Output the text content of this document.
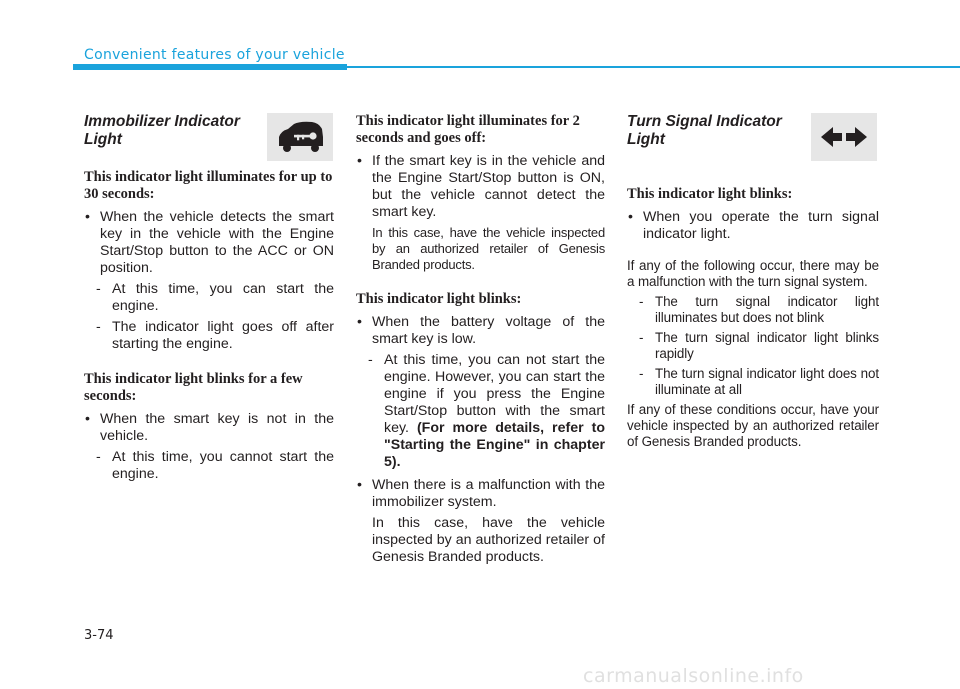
Convenient features of your vehicle
Immobilizer Indicator Light
This indicator light illuminates for up to 30 seconds:
• When the vehicle detects the smart key in the vehicle with the Engine Start/Stop button to the ACC or ON position.
- At this time, you can start the engine.
- The indicator light goes off after starting the engine.
This indicator light blinks for a few seconds:
• When the smart key is not in the vehicle.
- At this time, you cannot start the engine.
This indicator light illuminates for 2 seconds and goes off:
• If the smart key is in the vehicle and the Engine Start/Stop button is ON, but the vehicle cannot detect the smart key.
In this case, have the vehicle inspected by an authorized retailer of Genesis Branded products.
This indicator light blinks:
• When the battery voltage of the smart key is low.
- At this time, you can not start the engine. However, you can start the engine if you press the Engine Start/Stop button with the smart key. (For more details, refer to "Starting the Engine" in chapter 5).
• When there is a malfunction with the immobilizer system.
In this case, have the vehicle inspected by an authorized retailer of Genesis Branded products.
Turn Signal Indicator Light
This indicator light blinks:
• When you operate the turn signal indicator light.
If any of the following occur, there may be a malfunction with the turn signal system.
- The turn signal indicator light illuminates but does not blink
- The turn signal indicator light blinks rapidly
- The turn signal indicator light does not illuminate at all
If any of these conditions occur, have your vehicle inspected by an authorized retailer of Genesis Branded products.
3-74
carmanualsonline.info
